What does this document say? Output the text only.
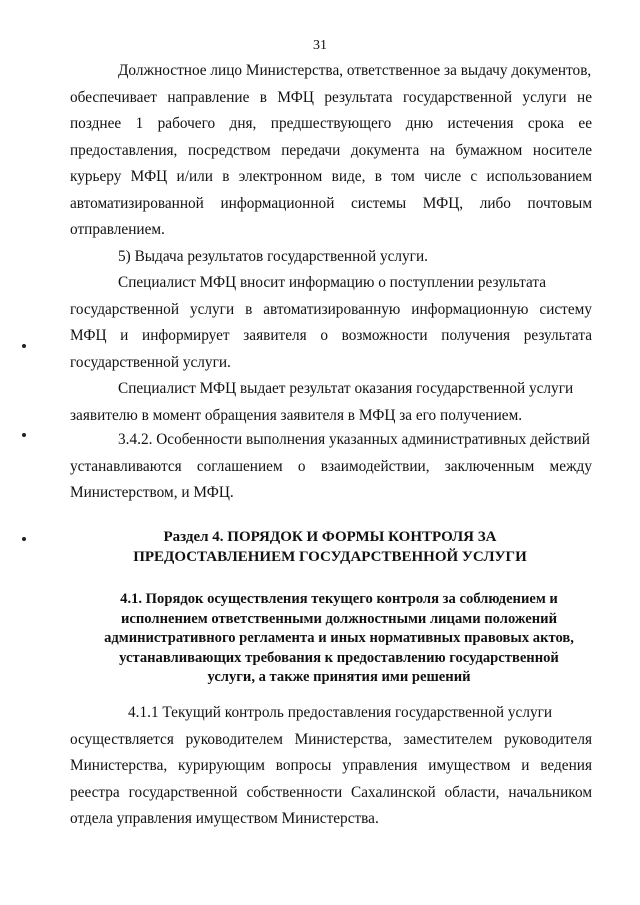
31
Должностное лицо Министерства, ответственное за выдачу документов,
обеспечивает направление в МФЦ результата государственной услуги не позднее 1 рабочего дня, предшествующего дню истечения срока ее предоставления, посредством передачи документа на бумажном носителе курьеру МФЦ и/или в электронном виде, в том числе с использованием автоматизированной информационной системы МФЦ, либо почтовым отправлением.
5) Выдача результатов государственной услуги.
Специалист МФЦ вносит информацию о поступлении результата
государственной услуги в автоматизированную информационную систему МФЦ и информирует заявителя о возможности получения результата государственной услуги.
Специалист МФЦ выдает результат оказания государственной услуги
заявителю в момент обращения заявителя в МФЦ за его получением.
3.4.2. Особенности выполнения указанных административных действий
устанавливаются соглашением о взаимодействии, заключенным между Министерством, и МФЦ.
Раздел 4. ПОРЯДОК И ФОРМЫ КОНТРОЛЯ ЗА
ПРЕДОСТАВЛЕНИЕМ ГОСУДАРСТВЕННОЙ УСЛУГИ
4.1. Порядок осуществления текущего контроля за соблюдением и
исполнением ответственными должностными лицами положений
административного регламента и иных нормативных правовых актов,
устанавливающих требования к предоставлению государственной
услуги, а также принятия ими решений
4.1.1 Текущий контроль предоставления государственной услуги
осуществляется руководителем Министерства, заместителем руководителя Министерства, курирующим вопросы управления имуществом и ведения реестра государственной собственности Сахалинской области, начальником отдела управления имуществом Министерства.
